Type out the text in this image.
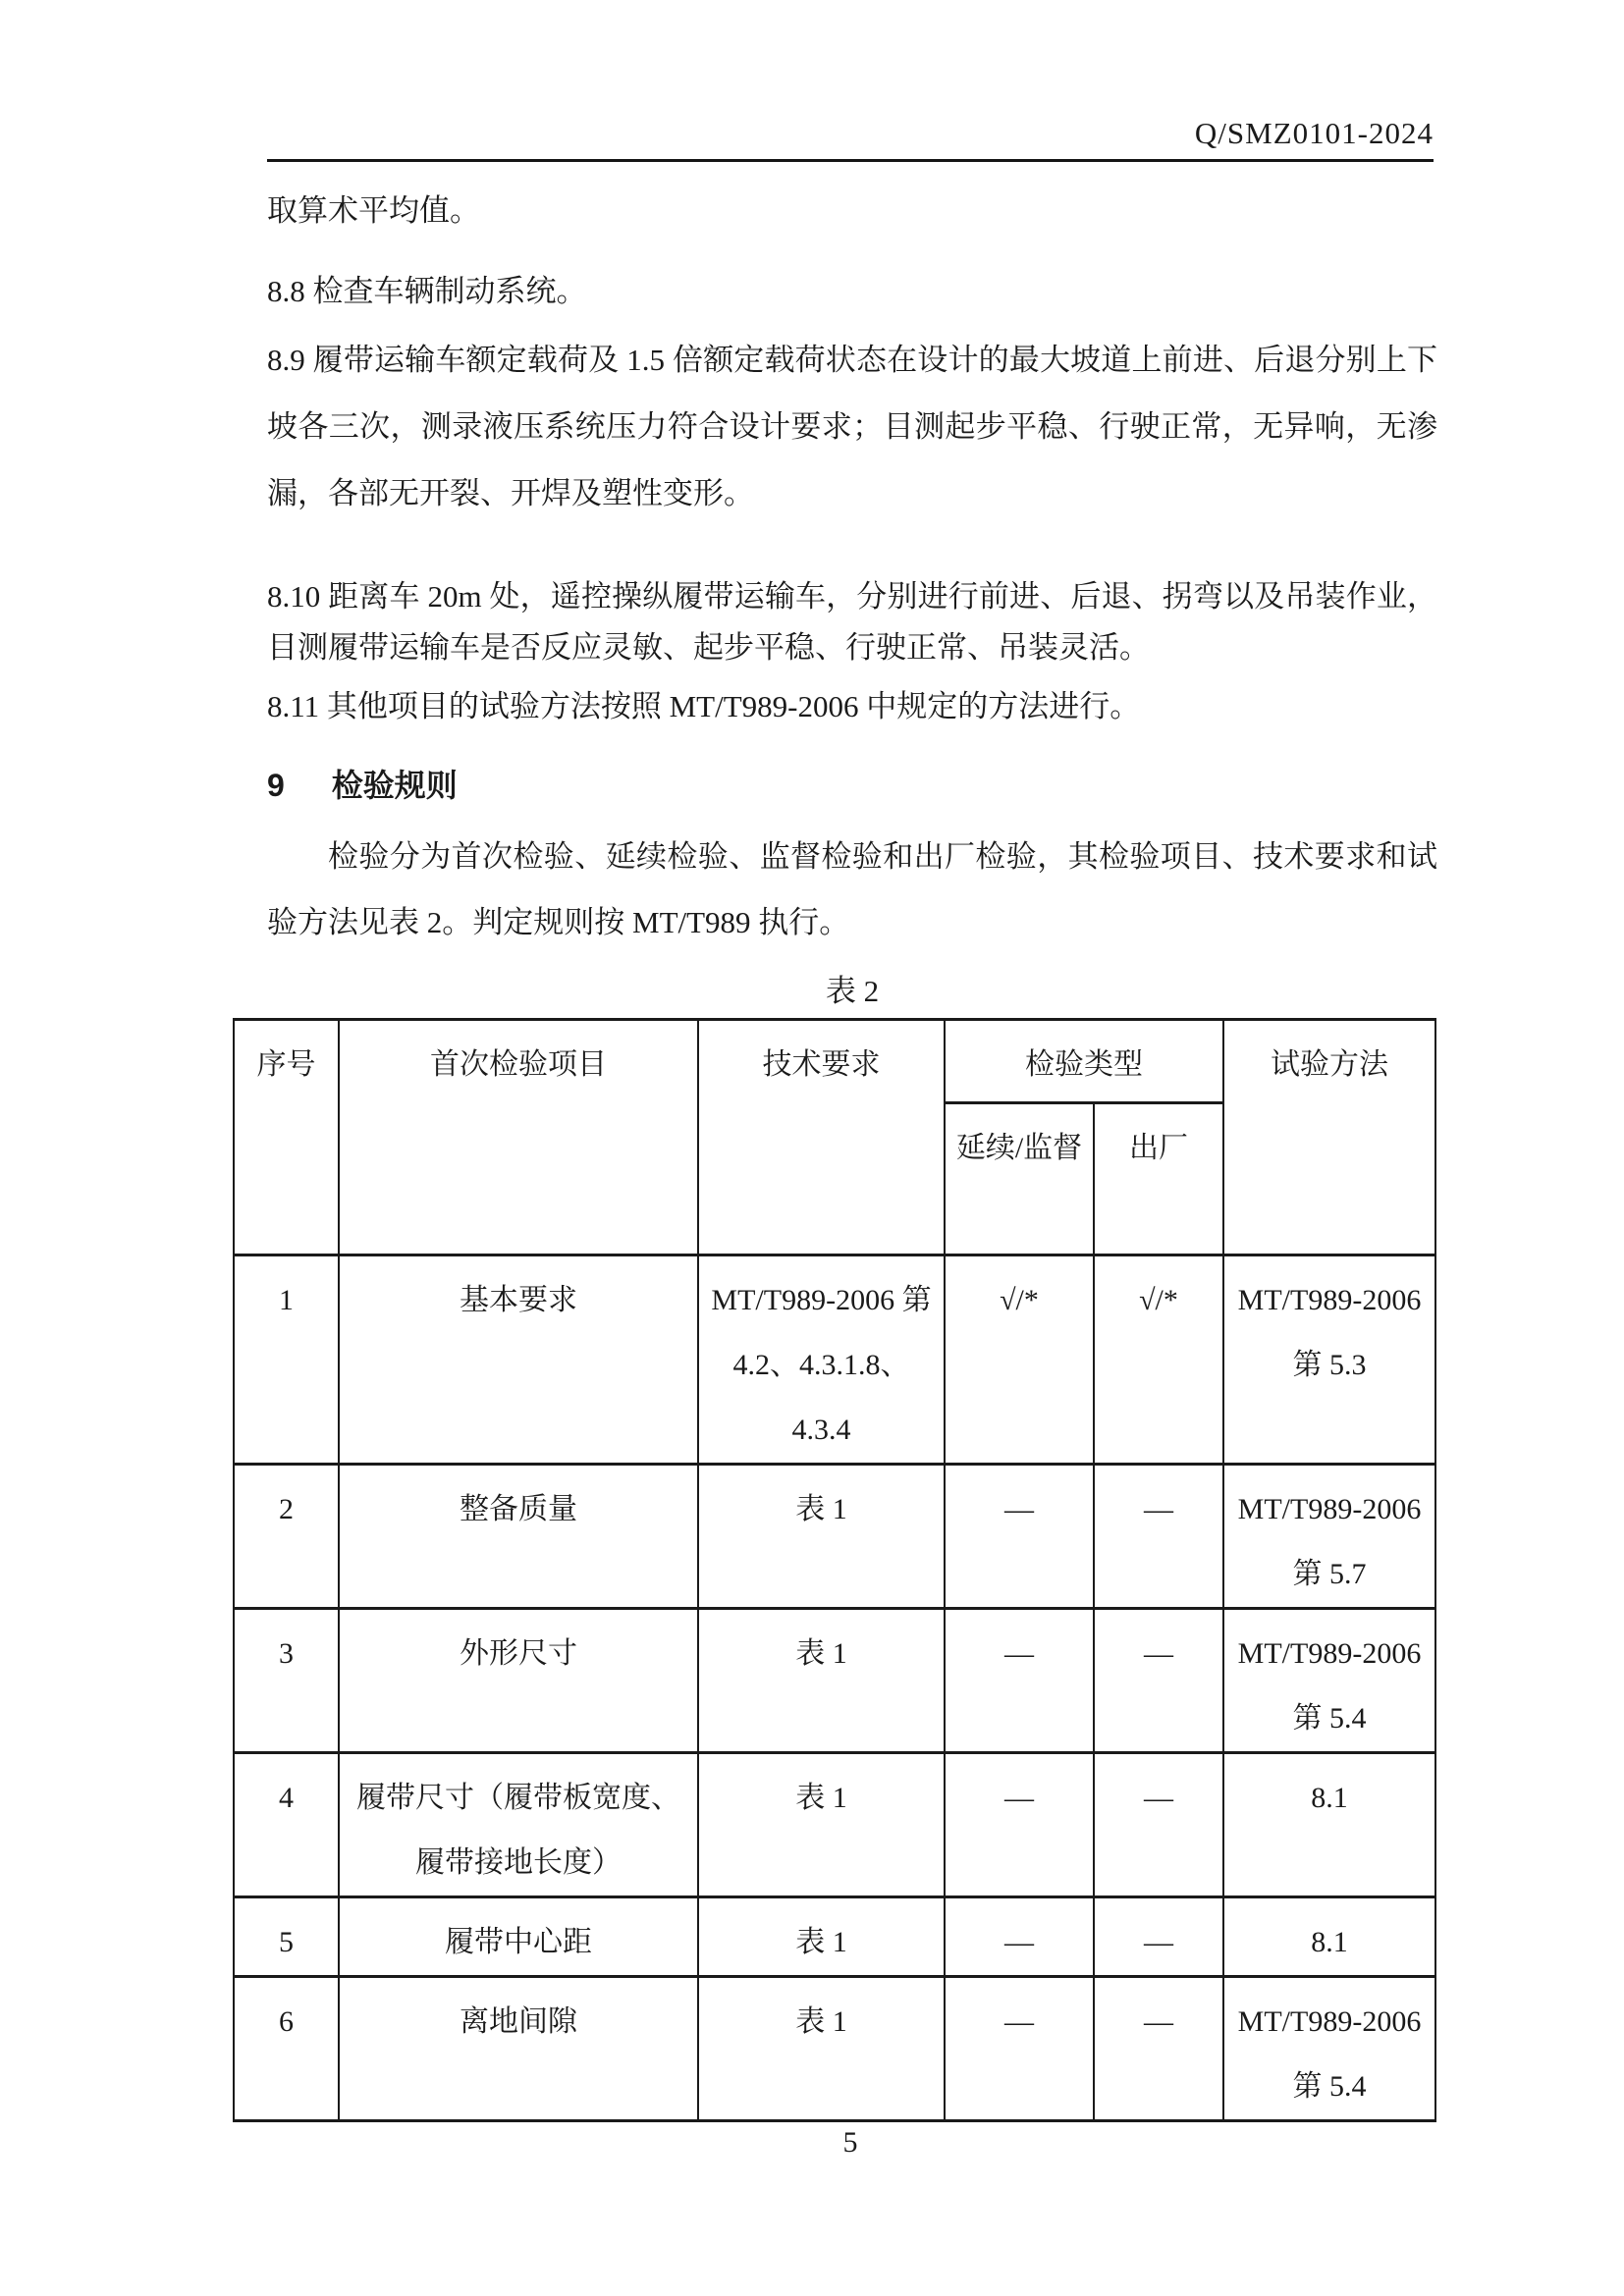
Q/SMZ0101-2024

取算术平均值。

8.8 检查车辆制动系统。

8.9 履带运输车额定载荷及 1.5 倍额定载荷状态在设计的最大坡道上前进、后退分别上下坡各三次，测录液压系统压力符合设计要求；目测起步平稳、行驶正常，无异响，无渗漏，各部无开裂、开焊及塑性变形。

8.10 距离车 20m 处，遥控操纵履带运输车，分别进行前进、后退、拐弯以及吊装作业，目测履带运输车是否反应灵敏、起步平稳、行驶正常、吊装灵活。

8.11 其他项目的试验方法按照 MT/T989-2006 中规定的方法进行。

9 检验规则

检验分为首次检验、延续检验、监督检验和出厂检验，其检验项目、技术要求和试验方法见表 2。判定规则按 MT/T989 执行。

表 2

序号	首次检验项目	技术要求	检验类型		试验方法
			延续/监督	出厂	
1	基本要求	MT/T989-2006 第 4.2、4.3.1.8、 4.3.4	√/*	√/*	MT/T989-2006 第 5.3
2	整备质量	表 1	—	—	MT/T989-2006 第 5.7
3	外形尺寸	表 1	—	—	MT/T989-2006 第 5.4
4	履带尺寸（履带板宽度、履带接地长度）	表 1	—	—	8.1
5	履带中心距	表 1	—	—	8.1
6	离地间隙	表 1	—	—	MT/T989-2006 第 5.4
5
